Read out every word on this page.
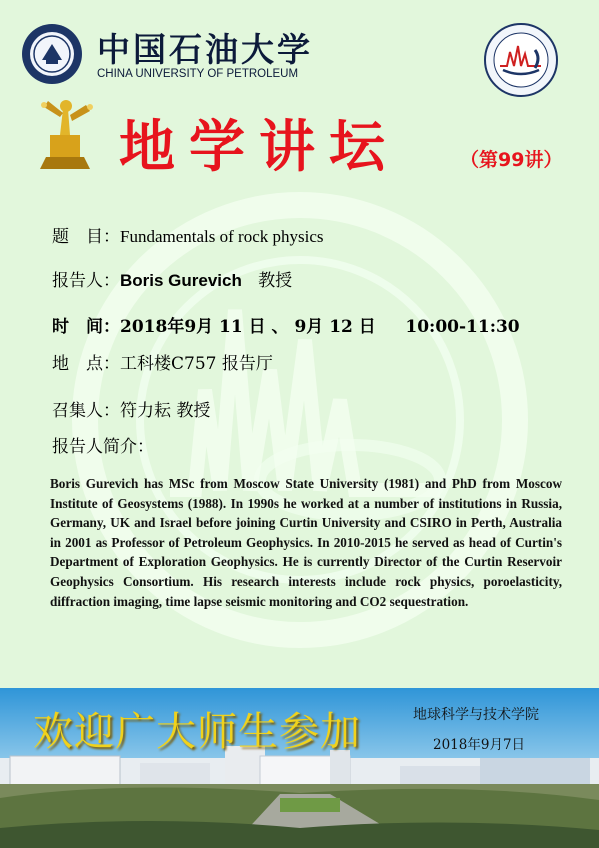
中国石油大学
CHINA UNIVERSITY OF PETROLEUM
地学讲坛	（第99讲）
题　目：Fundamentals of rock physics
报告人：Boris Gurevich 教授
时　间：2018年9月 11 日 、 9月 12 日 10:00-11:30
地　点：工科楼C757 报告厅
召集人：符力耘 教授
报告人简介：
Boris Gurevich has MSc from Moscow State University (1981) and PhD from Moscow Institute of Geosystems (1988). In 1990s he worked at a number of institutions in Russia, Germany, UK and Israel before joining Curtin University and CSIRO in Perth, Australia in 2001 as Professor of Petroleum Geophysics. In 2010-2015 he served as head of Curtin's Department of Exploration Geophysics. He is currently Director of the Curtin Reservoir Geophysics Consortium. His research interests include rock physics, poroelasticity, diffraction imaging, time lapse seismic monitoring and CO2 sequestration.
欢迎广大师生参加	地球科学与技术学院
2018年9月7日
